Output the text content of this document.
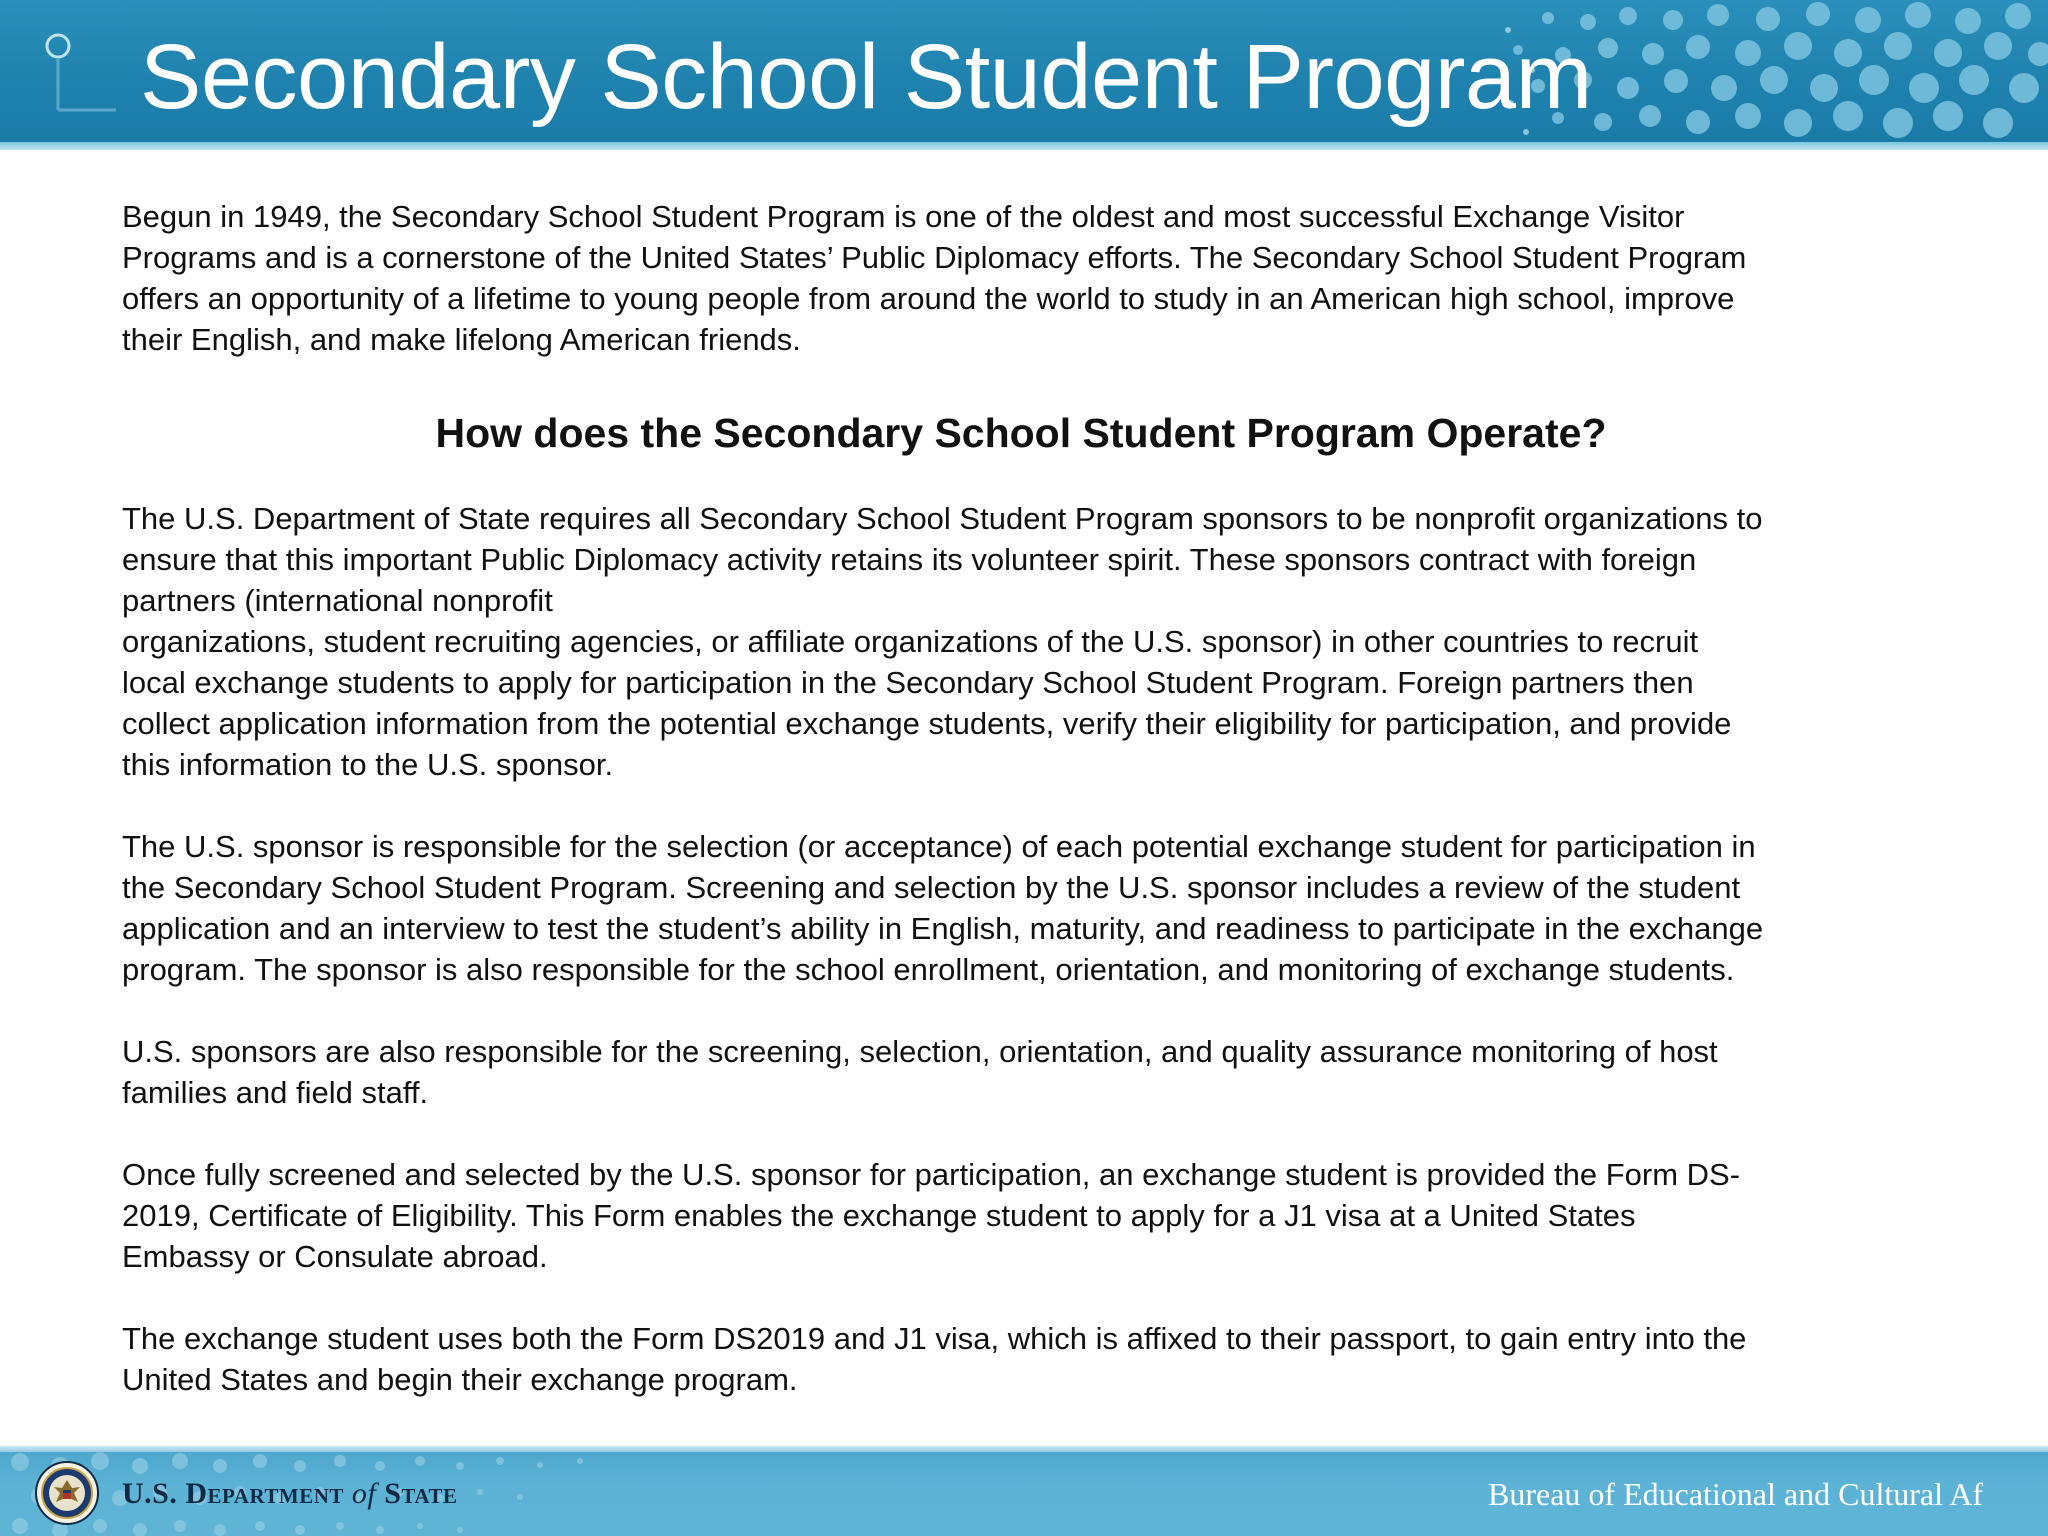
Secondary School Student Program

Begun in 1949, the Secondary School Student Program is one of the oldest and most successful Exchange Visitor
Programs and is a cornerstone of the United States’ Public Diplomacy efforts. The Secondary School Student Program
offers an opportunity of a lifetime to young people from around the world to study in an American high school, improve
their English, and make lifelong American friends.

How does the Secondary School Student Program Operate?

The U.S. Department of State requires all Secondary School Student Program sponsors to be nonprofit organizations to
ensure that this important Public Diplomacy activity retains its volunteer spirit. These sponsors contract with foreign
partners (international nonprofit
organizations, student recruiting agencies, or affiliate organizations of the U.S. sponsor) in other countries to recruit
local exchange students to apply for participation in the Secondary School Student Program. Foreign partners then
collect application information from the potential exchange students, verify their eligibility for participation, and provide
this information to the U.S. sponsor.

The U.S. sponsor is responsible for the selection (or acceptance) of each potential exchange student for participation in
the Secondary School Student Program. Screening and selection by the U.S. sponsor includes a review of the student
application and an interview to test the student’s ability in English, maturity, and readiness to participate in the exchange
program. The sponsor is also responsible for the school enrollment, orientation, and monitoring of exchange students.

U.S. sponsors are also responsible for the screening, selection, orientation, and quality assurance monitoring of host
families and field staff.

Once fully screened and selected by the U.S. sponsor for participation, an exchange student is provided the Form DS-
2019, Certificate of Eligibility. This Form enables the exchange student to apply for a J1 visa at a United States
Embassy or Consulate abroad.

The exchange student uses both the Form DS2019 and J1 visa, which is affixed to their passport, to gain entry into the
United States and begin their exchange program.

U.S. Department of State	Bureau of Educational and Cultural Af
